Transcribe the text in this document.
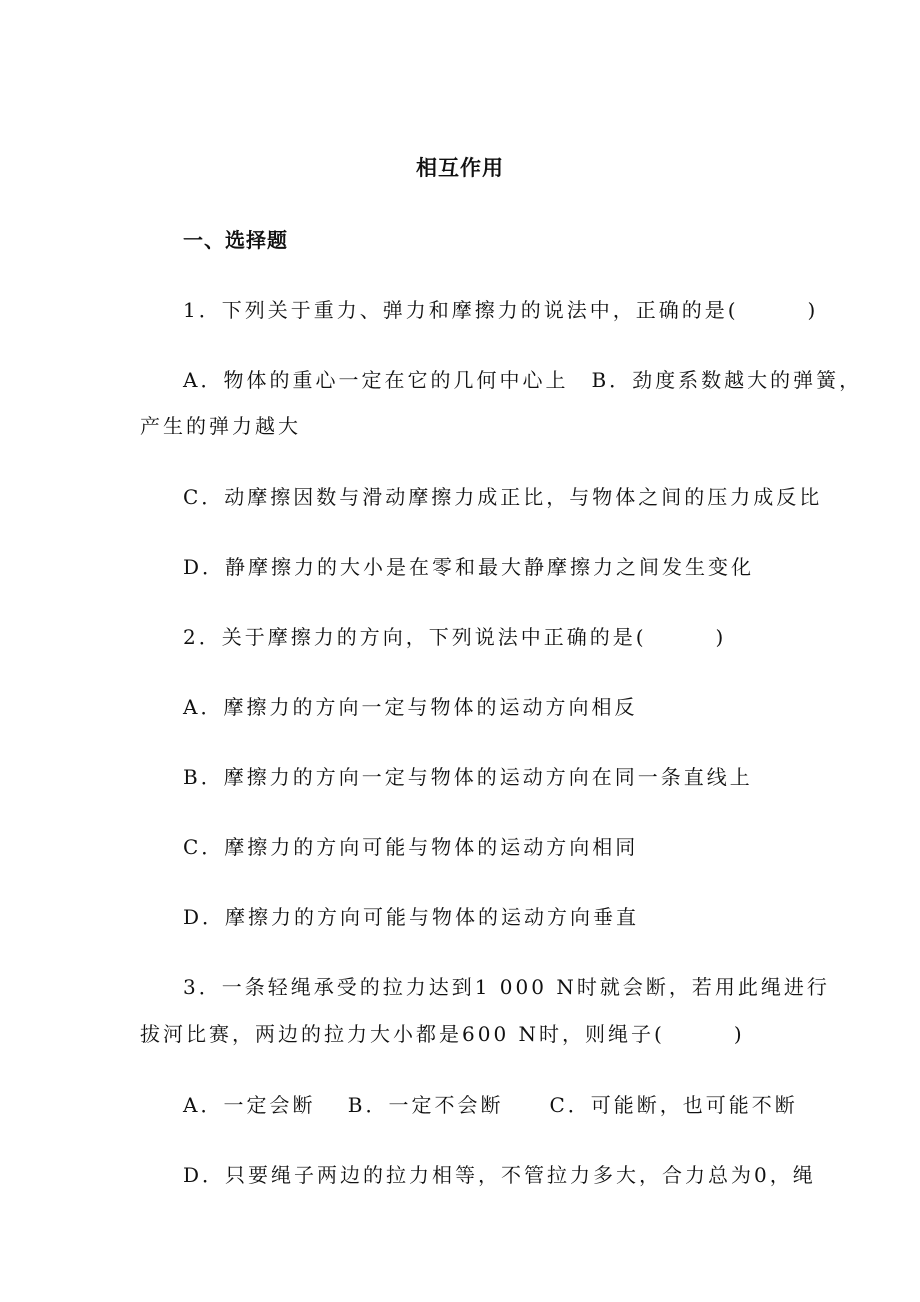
相互作用
一、选择题
1．下列关于重力、弹力和摩擦力的说法中，正确的是(　　　)
A．物体的重心一定在它的几何中心上　B．劲度系数越大的弹簧，
产生的弹力越大
C．动摩擦因数与滑动摩擦力成正比，与物体之间的压力成反比
D．静摩擦力的大小是在零和最大静摩擦力之间发生变化
2．关于摩擦力的方向，下列说法中正确的是(　　　)
A．摩擦力的方向一定与物体的运动方向相反
B．摩擦力的方向一定与物体的运动方向在同一条直线上
C．摩擦力的方向可能与物体的运动方向相同
D．摩擦力的方向可能与物体的运动方向垂直
3．一条轻绳承受的拉力达到1 000 N时就会断，若用此绳进行
拔河比赛，两边的拉力大小都是600 N时，则绳子(　　　)
A．一定会断　 B．一定不会断　　C．可能断，也可能不断
D．只要绳子两边的拉力相等，不管拉力多大，合力总为0，绳
